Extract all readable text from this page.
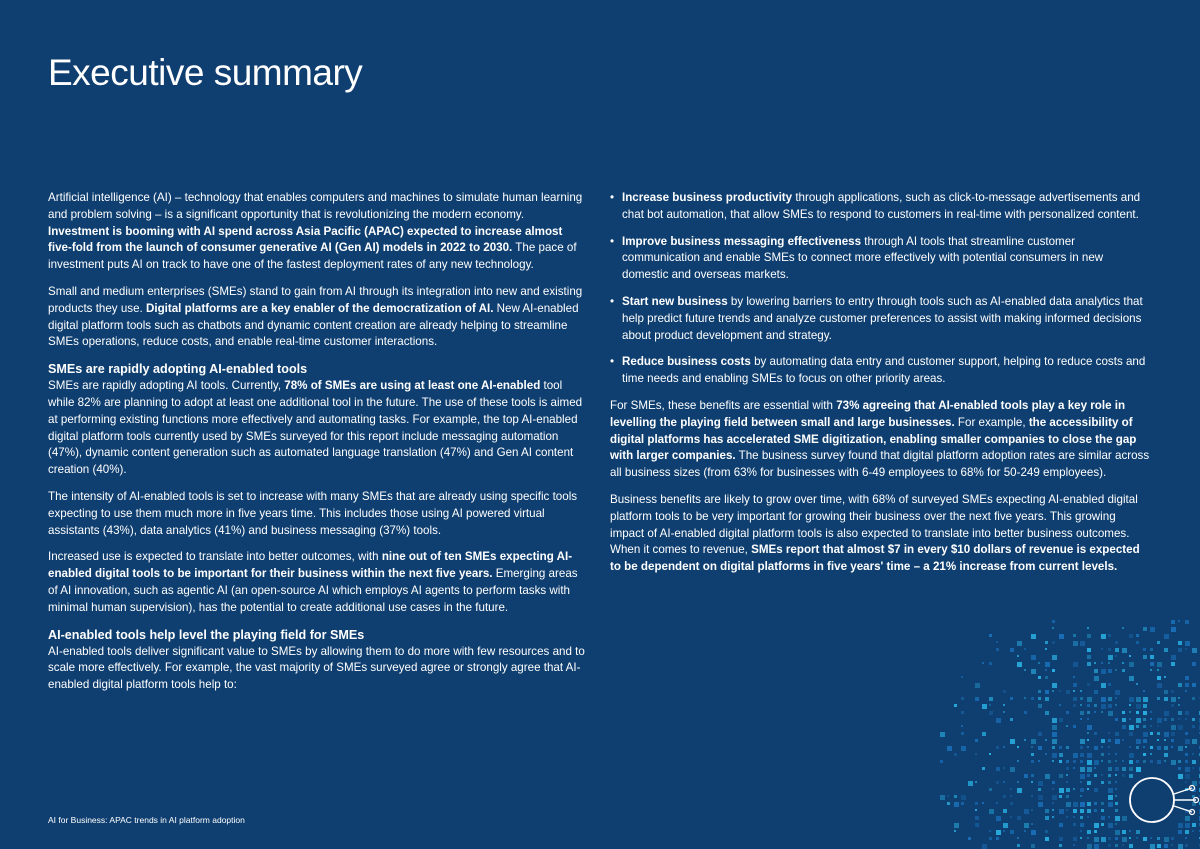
Executive summary

Artificial intelligence (AI) – technology that enables computers and machines to simulate human learning and problem solving – is a significant opportunity that is revolutionizing the modern economy. Investment is booming with AI spend across Asia Pacific (APAC) expected to increase almost five-fold from the launch of consumer generative AI (Gen AI) models in 2022 to 2030. The pace of investment puts AI on track to have one of the fastest deployment rates of any new technology.

Small and medium enterprises (SMEs) stand to gain from AI through its integration into new and existing products they use. Digital platforms are a key enabler of the democratization of AI. New AI-enabled digital platform tools such as chatbots and dynamic content creation are already helping to streamline SMEs operations, reduce costs, and enable real-time customer interactions.

SMEs are rapidly adopting AI-enabled tools

SMEs are rapidly adopting AI tools. Currently, 78% of SMEs are using at least one AI-enabled tool while 82% are planning to adopt at least one additional tool in the future. The use of these tools is aimed at performing existing functions more effectively and automating tasks. For example, the top AI-enabled digital platform tools currently used by SMEs surveyed for this report include messaging automation (47%), dynamic content generation such as automated language translation (47%) and Gen AI content creation (40%).

The intensity of AI-enabled tools is set to increase with many SMEs that are already using specific tools expecting to use them much more in five years time. This includes those using AI powered virtual assistants (43%), data analytics (41%) and business messaging (37%) tools.

Increased use is expected to translate into better outcomes, with nine out of ten SMEs expecting AI-enabled digital tools to be important for their business within the next five years. Emerging areas of AI innovation, such as agentic AI (an open-source AI which employs AI agents to perform tasks with minimal human supervision), has the potential to create additional use cases in the future.

AI-enabled tools help level the playing field for SMEs

AI-enabled tools deliver significant value to SMEs by allowing them to do more with few resources and to scale more effectively. For example, the vast majority of SMEs surveyed agree or strongly agree that AI-enabled digital platform tools help to:

• Increase business productivity through applications, such as click-to-message advertisements and chat bot automation, that allow SMEs to respond to customers in real-time with personalized content.
• Improve business messaging effectiveness through AI tools that streamline customer communication and enable SMEs to connect more effectively with potential consumers in new domestic and overseas markets.
• Start new business by lowering barriers to entry through tools such as AI-enabled data analytics that help predict future trends and analyze customer preferences to assist with making informed decisions about product development and strategy.
• Reduce business costs by automating data entry and customer support, helping to reduce costs and time needs and enabling SMEs to focus on other priority areas.

For SMEs, these benefits are essential with 73% agreeing that AI-enabled tools play a key role in levelling the playing field between small and large businesses. For example, the accessibility of digital platforms has accelerated SME digitization, enabling smaller companies to close the gap with larger companies. The business survey found that digital platform adoption rates are similar across all business sizes (from 63% for businesses with 6-49 employees to 68% for 50-249 employees).

Business benefits are likely to grow over time, with 68% of surveyed SMEs expecting AI-enabled digital platform tools to be very important for growing their business over the next five years. This growing impact of AI-enabled digital platform tools is also expected to translate into better business outcomes. When it comes to revenue, SMEs report that almost $7 in every $10 dollars of revenue is expected to be dependent on digital platforms in five years' time – a 21% increase from current levels.

AI for Business: APAC trends in AI platform adoption
